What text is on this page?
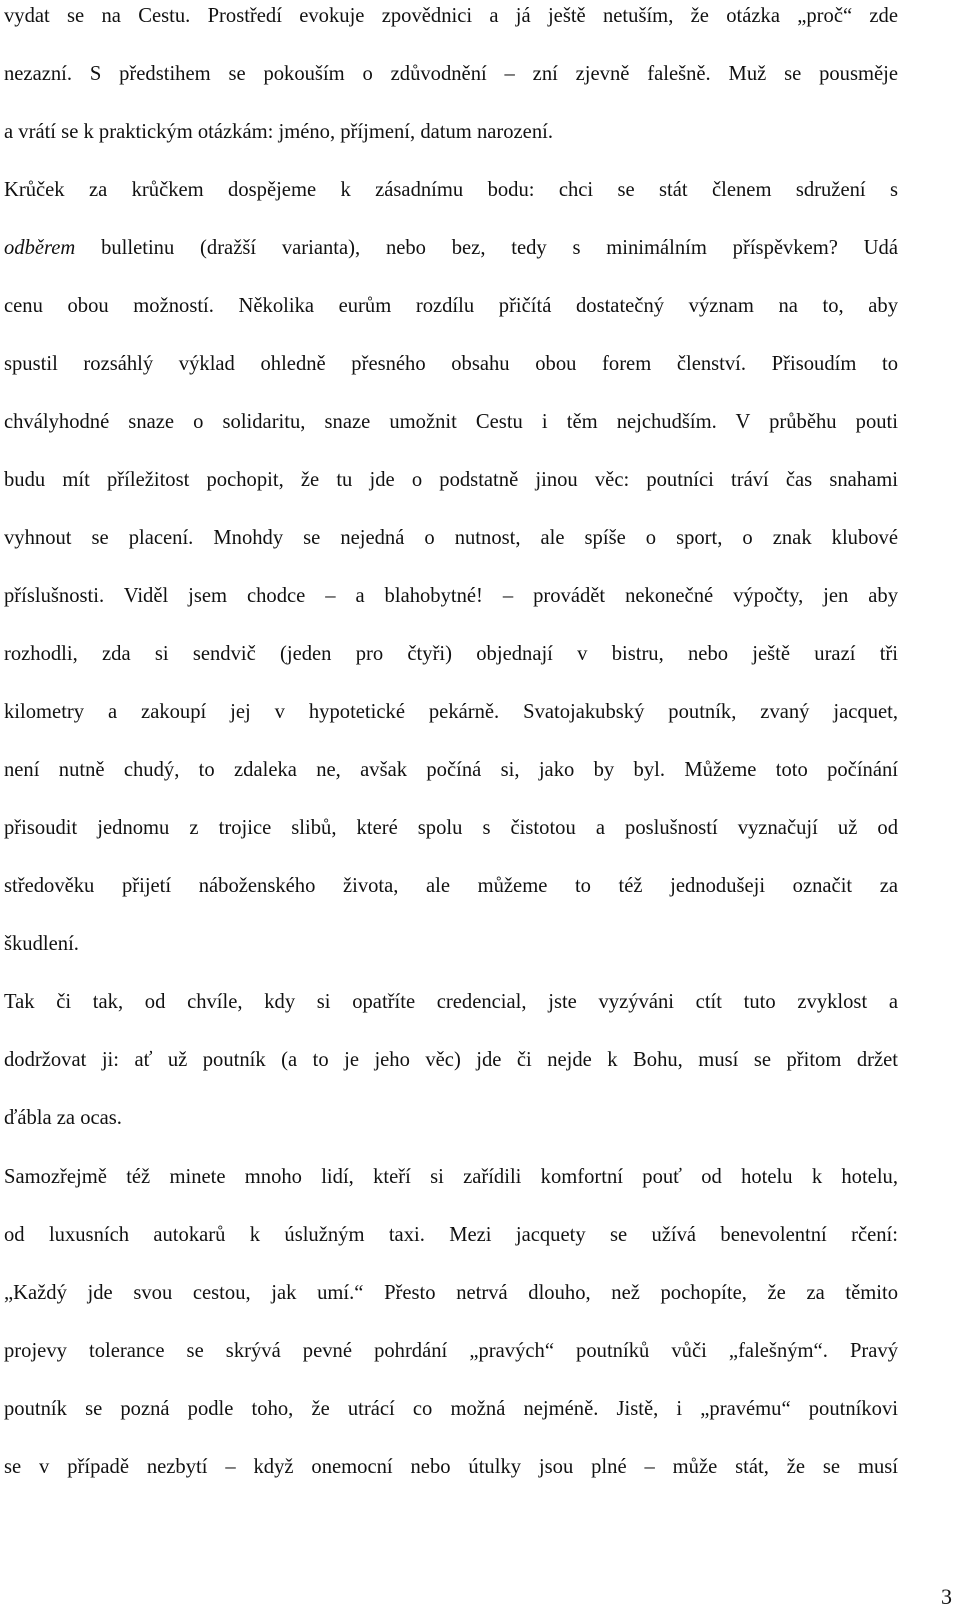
vydat se na Cestu. Prostředí evokuje zpovědnici a já ještě netuším, že otázka „proč“ zde
nezazní. S předstihem se pokouším o zdůvodnění – zní zjevně falešně. Muž se pousměje
a vrátí se k praktickým otázkám: jméno, příjmení, datum narození.
Krůček za krůčkem dospějeme k zásadnímu bodu: chci se stát členem sdružení s
odběrem bulletinu (dražší varianta), nebo bez, tedy s minimálním příspěvkem? Udá
cenu obou možností. Několika eurům rozdílu přičítá dostatečný význam na to, aby
spustil rozsáhlý výklad ohledně přesného obsahu obou forem členství. Přisoudím to
chvályhodné snaze o solidaritu, snaze umožnit Cestu i těm nejchudším. V průběhu pouti
budu mít příležitost pochopit, že tu jde o podstatně jinou věc: poutníci tráví čas snahami
vyhnout se placení. Mnohdy se nejedná o nutnost, ale spíše o sport, o znak klubové
příslušnosti. Viděl jsem chodce – a blahobytné! – provádět nekonečné výpočty, jen aby
rozhodli, zda si sendvič (jeden pro čtyři) objednají v bistru, nebo ještě urazí tři
kilometry a zakoupí jej v hypotetické pekárně. Svatojakubský poutník, zvaný jacquet,
není nutně chudý, to zdaleka ne, avšak počíná si, jako by byl. Můžeme toto počínání
přisoudit jednomu z trojice slibů, které spolu s čistotou a poslušností vyznačují už od
středověku přijetí náboženského života, ale můžeme to též jednodušeji označit za
škudlení.
Tak či tak, od chvíle, kdy si opatříte credencial, jste vyzýváni ctít tuto zvyklost a
dodržovat ji: ať už poutník (a to je jeho věc) jde či nejde k Bohu, musí se přitom držet
ďábla za ocas.
Samozřejmě též minete mnoho lidí, kteří si zařídili komfortní pouť od hotelu k hotelu,
od luxusních autokarů k úslužným taxi. Mezi jacquety se užívá benevolentní rčení:
„Každý jde svou cestou, jak umí.“ Přesto netrvá dlouho, než pochopíte, že za těmito
projevy tolerance se skrývá pevné pohrdání „pravých“ poutníků vůči „falešným“. Pravý
poutník se pozná podle toho, že utrácí co možná nejméně. Jistě, i „pravému“ poutníkovi
se v případě nezbytí – když onemocní nebo útulky jsou plné – může stát, že se musí
3
